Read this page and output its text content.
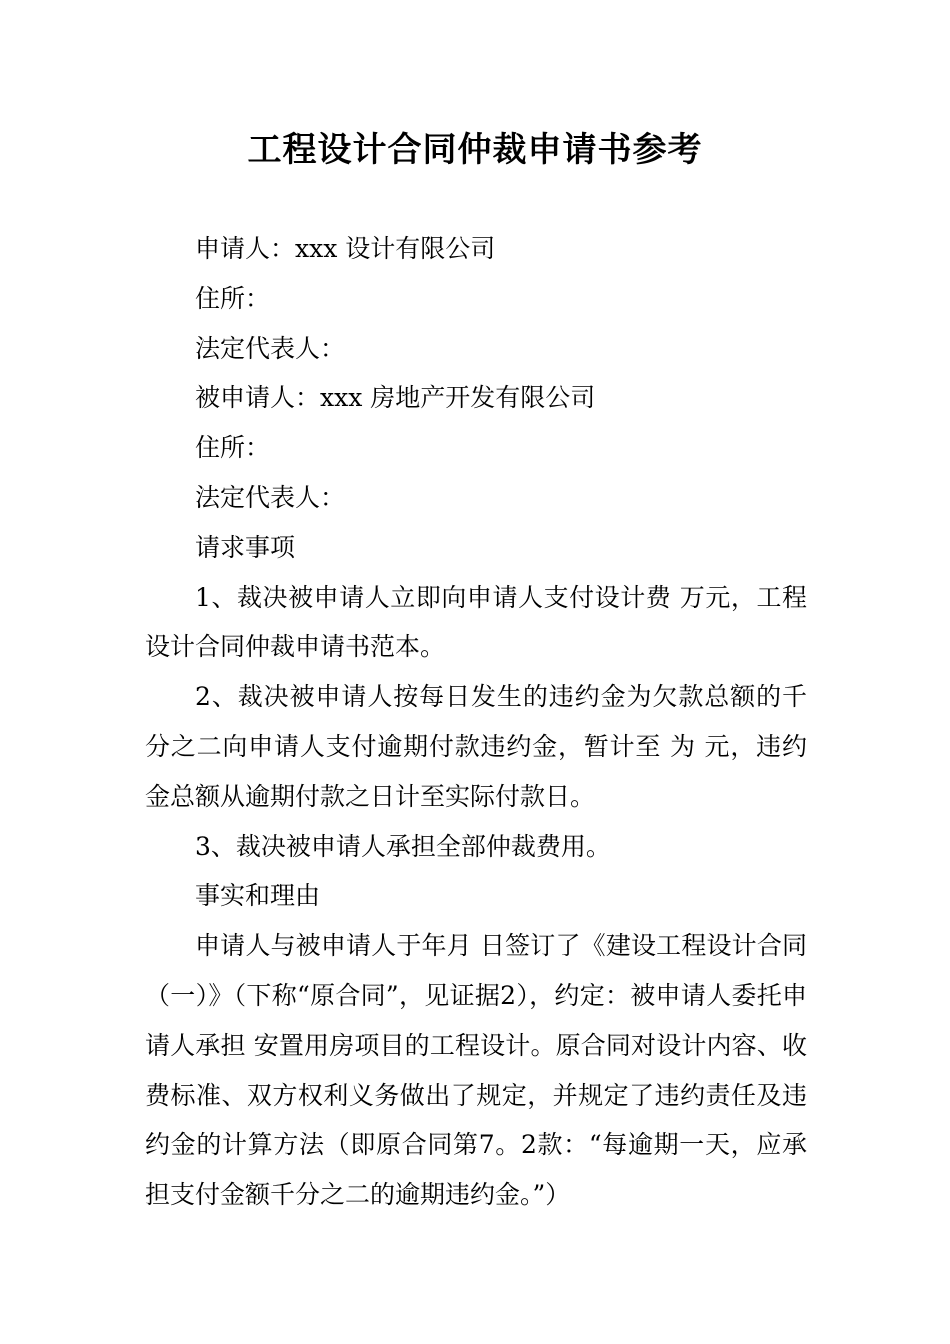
工程设计合同仲裁申请书参考

申请人：xxx 设计有限公司

住所：

法定代表人：

被申请人：xxx 房地产开发有限公司

住所：

法定代表人：

请求事项

1、裁决被申请人立即向申请人支付设计费 万元，工程设计合同仲裁申请书范本。

2、裁决被申请人按每日发生的违约金为欠款总额的千分之二向申请人支付逾期付款违约金，暂计至 为 元，违约金总额从逾期付款之日计至实际付款日。

3、裁决被申请人承担全部仲裁费用。

事实和理由

申请人与被申请人于年月 日签订了《建设工程设计合同（一）》（下称“原合同”，见证据2），约定：被申请人委托申请人承担 安置用房项目的工程设计。原合同对设计内容、收费标准、双方权利义务做出了规定，并规定了违约责任及违约金的计算方法（即原合同第7。2款：“每逾期一天，应承担支付金额千分之二的逾期违约金。”）
